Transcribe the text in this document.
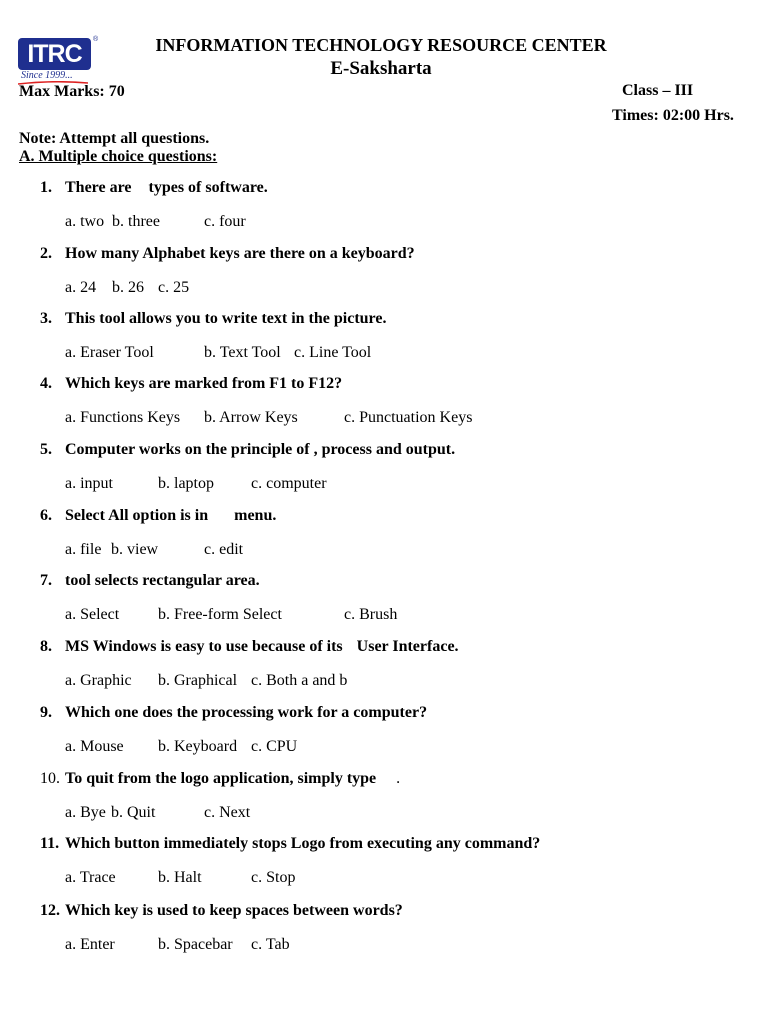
ITRC
®
Since 1999...
INFORMATION TECHNOLOGY RESOURCE CENTER
E-Saksharta
Max Marks: 70	Class – III
Times: 02:00 Hrs.
Note: Attempt all questions.
A. Multiple choice questions:
1. There are types of software.
a. two b. three	c. four
2. How many Alphabet keys are there on a keyboard?
a. 24 b. 26 c. 25
3. This tool allows you to write text in the picture.
a. Eraser Tool	b. Text Tool c. Line Tool
4. Which keys are marked from F1 to F12?
a. Functions Keys b. Arrow Keys	c. Punctuation Keys
5. Computer works on the principle of , process and output.
a. input	b. laptop c. computer
6. Select All option is in menu.
a. file b. view	c. edit
7. tool selects rectangular area.
a. Select b. Free-form Select	c. Brush
8. MS Windows is easy to use because of its User Interface.
a. Graphic b. Graphical c. Both a and b
9. Which one does the processing work for a computer?
a. Mouse b. Keyboard c. CPU
10. To quit from the logo application, simply type .
a. Bye b. Quit	c. Next
11. Which button immediately stops Logo from executing any command?
a. Trace	b. Halt	c. Stop
12. Which key is used to keep spaces between words?
a. Enter	b. Spacebar c. Tab
